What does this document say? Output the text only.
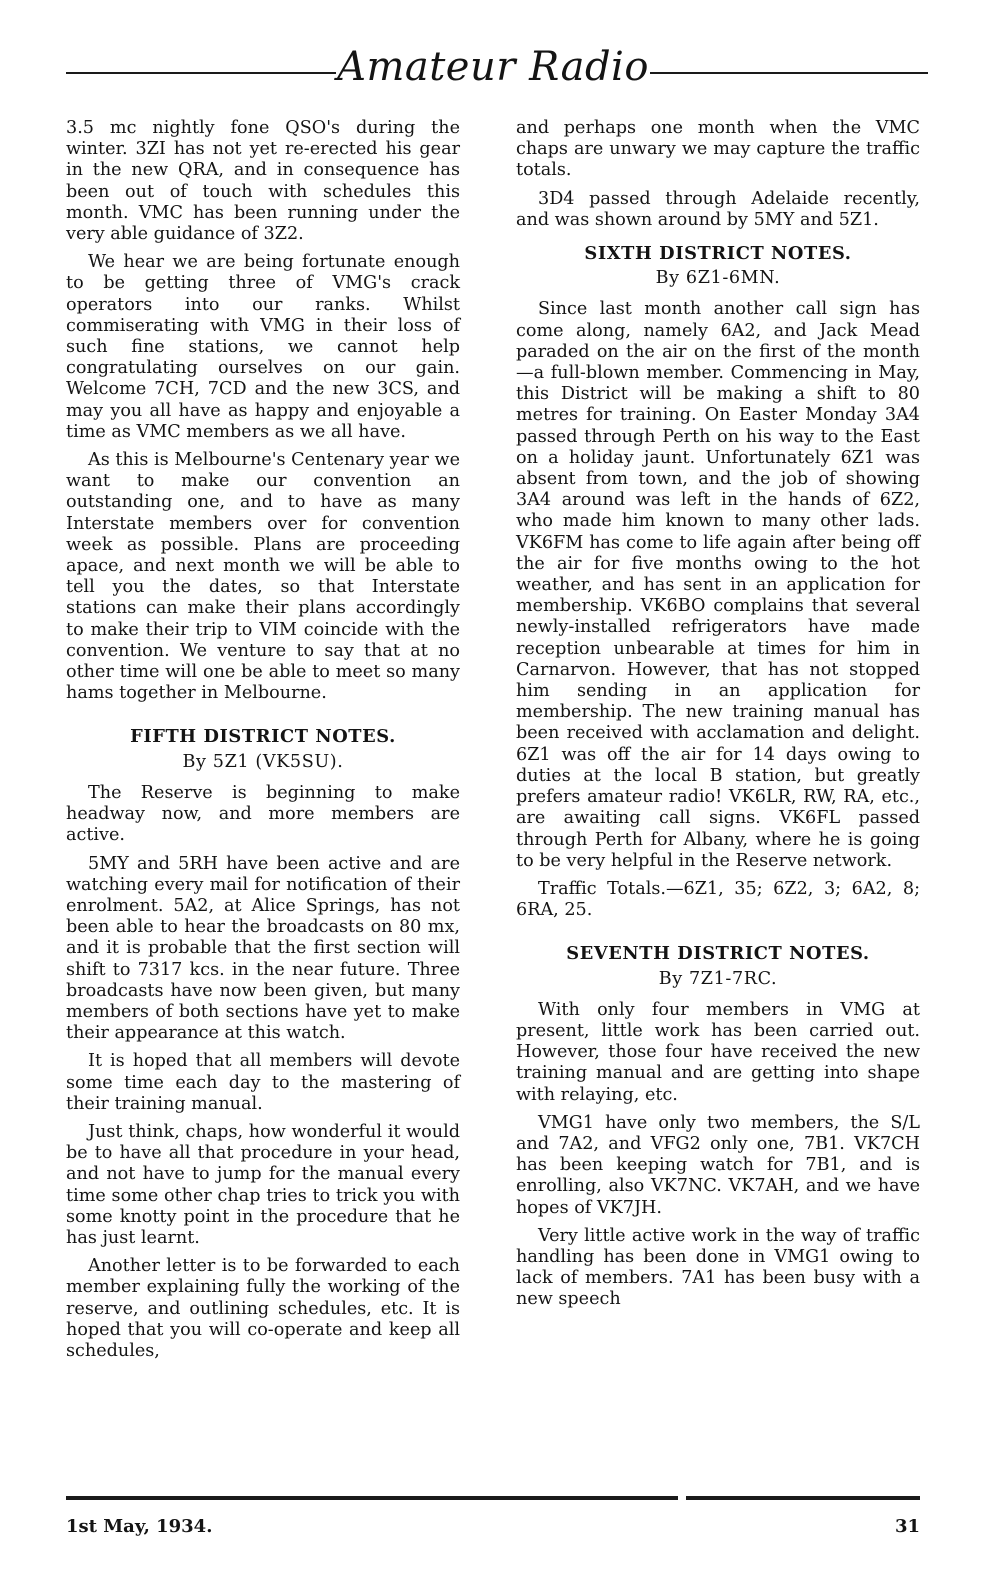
Amateur Radio

3.5 mc nightly fone QSO's during the winter. 3ZI has not yet re-erected his gear in the new QRA, and in consequence has been out of touch with schedules this month. VMC has been running under the very able guidance of 3Z2.

We hear we are being fortunate enough to be getting three of VMG's crack operators into our ranks. Whilst commiserating with VMG in their loss of such fine stations, we cannot help congratulating ourselves on our gain. Welcome 7CH, 7CD and the new 3CS, and may you all have as happy and enjoyable a time as VMC members as we all have.

As this is Melbourne's Centenary year we want to make our convention an outstanding one, and to have as many Interstate members over for convention week as possible. Plans are proceeding apace, and next month we will be able to tell you the dates, so that Interstate stations can make their plans accordingly to make their trip to VIM coincide with the convention. We venture to say that at no other time will one be able to meet so many hams together in Melbourne.

FIFTH DISTRICT NOTES.
By 5Z1 (VK5SU).

The Reserve is beginning to make headway now, and more members are active.

5MY and 5RH have been active and are watching every mail for notification of their enrolment. 5A2, at Alice Springs, has not been able to hear the broadcasts on 80 mx, and it is probable that the first section will shift to 7317 kcs. in the near future. Three broadcasts have now been given, but many members of both sections have yet to make their appearance at this watch.

It is hoped that all members will devote some time each day to the mastering of their training manual.

Just think, chaps, how wonderful it would be to have all that procedure in your head, and not have to jump for the manual every time some other chap tries to trick you with some knotty point in the procedure that he has just learnt.

Another letter is to be forwarded to each member explaining fully the working of the reserve, and outlining schedules, etc. It is hoped that you will co-operate and keep all schedules,

and perhaps one month when the VMC chaps are unwary we may capture the traffic totals.

3D4 passed through Adelaide recently, and was shown around by 5MY and 5Z1.

SIXTH DISTRICT NOTES.
By 6Z1-6MN.

Since last month another call sign has come along, namely 6A2, and Jack Mead paraded on the air on the first of the month—a full-blown member. Commencing in May, this District will be making a shift to 80 metres for training. On Easter Monday 3A4 passed through Perth on his way to the East on a holiday jaunt. Unfortunately 6Z1 was absent from town, and the job of showing 3A4 around was left in the hands of 6Z2, who made him known to many other lads. VK6FM has come to life again after being off the air for five months owing to the hot weather, and has sent in an application for membership. VK6BO complains that several newly-installed refrigerators have made reception unbearable at times for him in Carnarvon. However, that has not stopped him sending in an application for membership. The new training manual has been received with acclamation and delight. 6Z1 was off the air for 14 days owing to duties at the local B station, but greatly prefers amateur radio! VK6LR, RW, RA, etc., are awaiting call signs. VK6FL passed through Perth for Albany, where he is going to be very helpful in the Reserve network.

Traffic Totals.—6Z1, 35; 6Z2, 3; 6A2, 8; 6RA, 25.

SEVENTH DISTRICT NOTES.
By 7Z1-7RC.

With only four members in VMG at present, little work has been carried out. However, those four have received the new training manual and are getting into shape with relaying, etc.

VMG1 have only two members, the S/L and 7A2, and VFG2 only one, 7B1. VK7CH has been keeping watch for 7B1, and is enrolling, also VK7NC. VK7AH, and we have hopes of VK7JH.

Very little active work in the way of traffic handling has been done in VMG1 owing to lack of members. 7A1 has been busy with a new speech

1st May, 1934.	31
